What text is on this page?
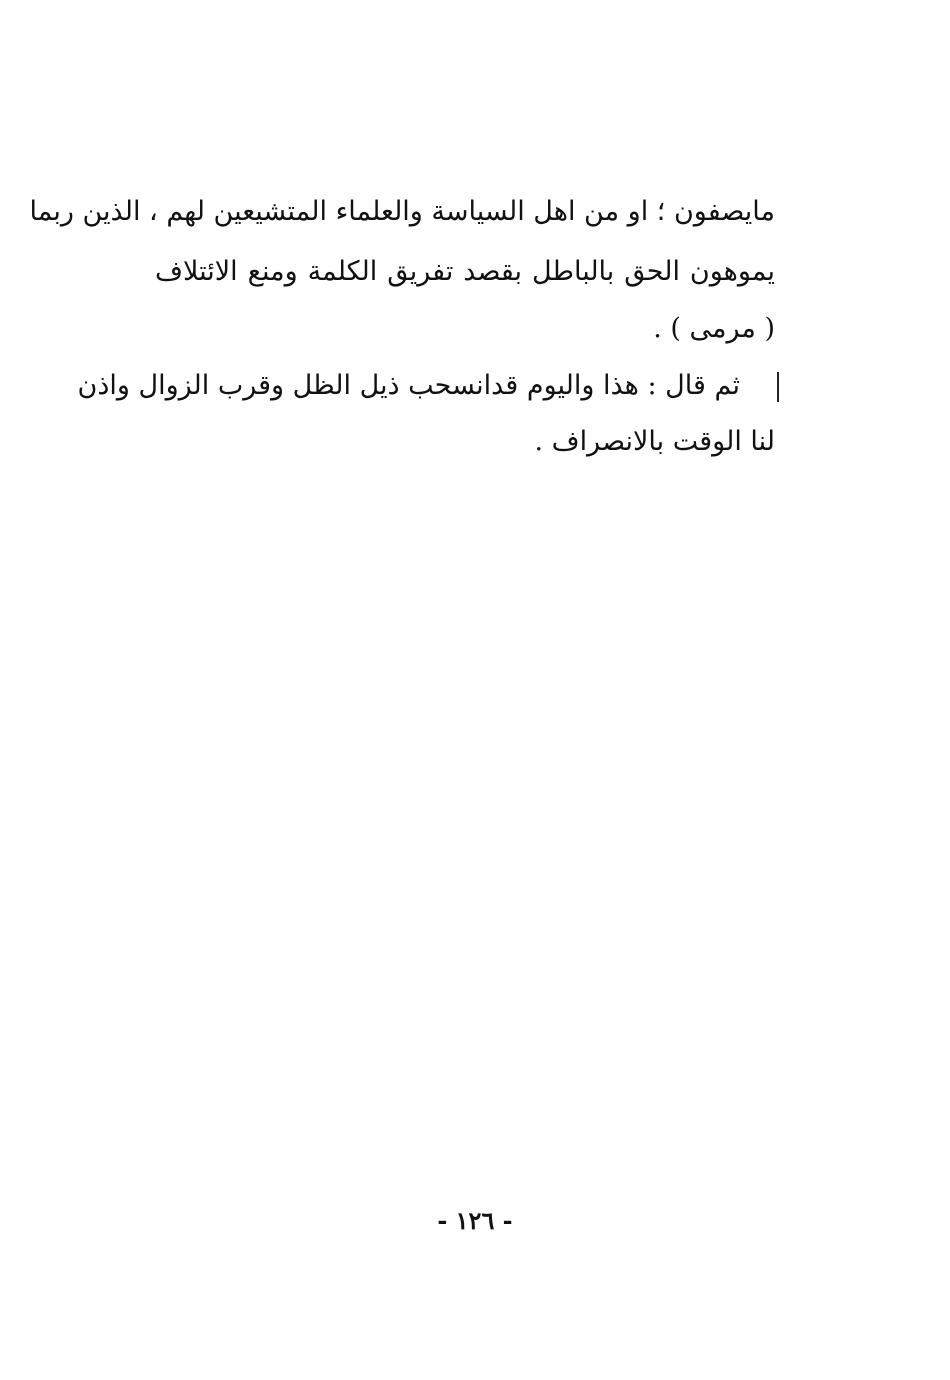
مايصفون ؛ او من اهل السياسة والعلماء المتشيعين لهم ، الذين ربما
يموهون الحق بالباطل بقصد تفريق الكلمة ومنع الائتلاف
( مرمى ) .
ثم قال : هذا واليوم قدانسحب ذيل الظل وقرب الزوال واذن
لنا الوقت بالانصراف .
- ١٢٦ -
